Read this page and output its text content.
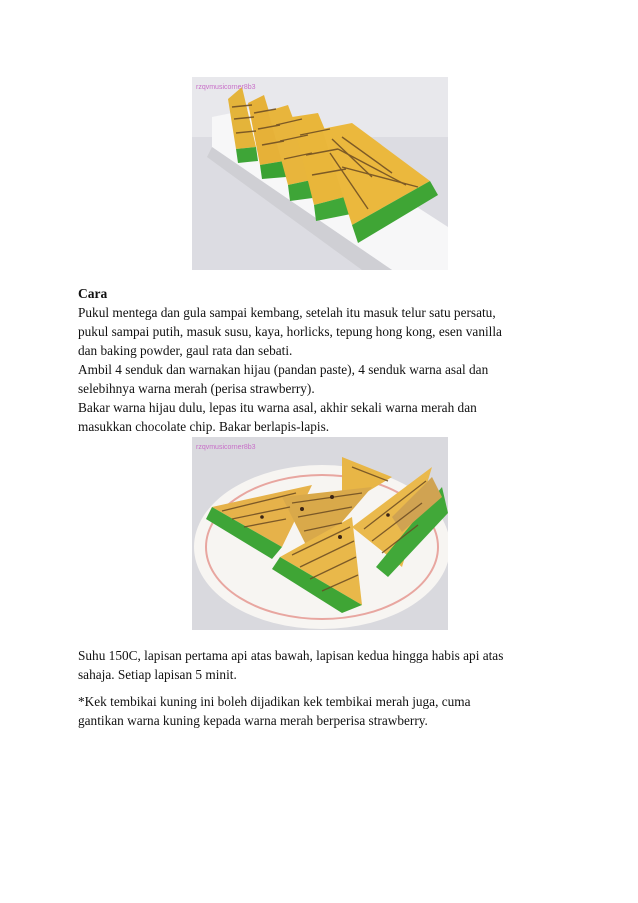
rzqvmusicorner8b3
Cara
Pukul mentega dan gula sampai kembang, setelah itu masuk telur satu persatu,
pukul sampai putih, masuk susu, kaya, horlicks, tepung hong kong, esen vanilla
dan baking powder, gaul rata dan sebati.
Ambil 4 senduk dan warnakan hijau (pandan paste), 4 senduk warna asal dan
selebihnya warna merah (perisa strawberry).
Bakar warna hijau dulu, lepas itu warna asal, akhir sekali warna merah dan
masukkan chocolate chip. Bakar berlapis-lapis.
rzqvmusicorner8b3
Suhu 150C, lapisan pertama api atas bawah, lapisan kedua hingga habis api atas
sahaja. Setiap lapisan 5 minit.
*Kek tembikai kuning ini boleh dijadikan kek tembikai merah juga, cuma
gantikan warna kuning kepada warna merah berperisa strawberry.
